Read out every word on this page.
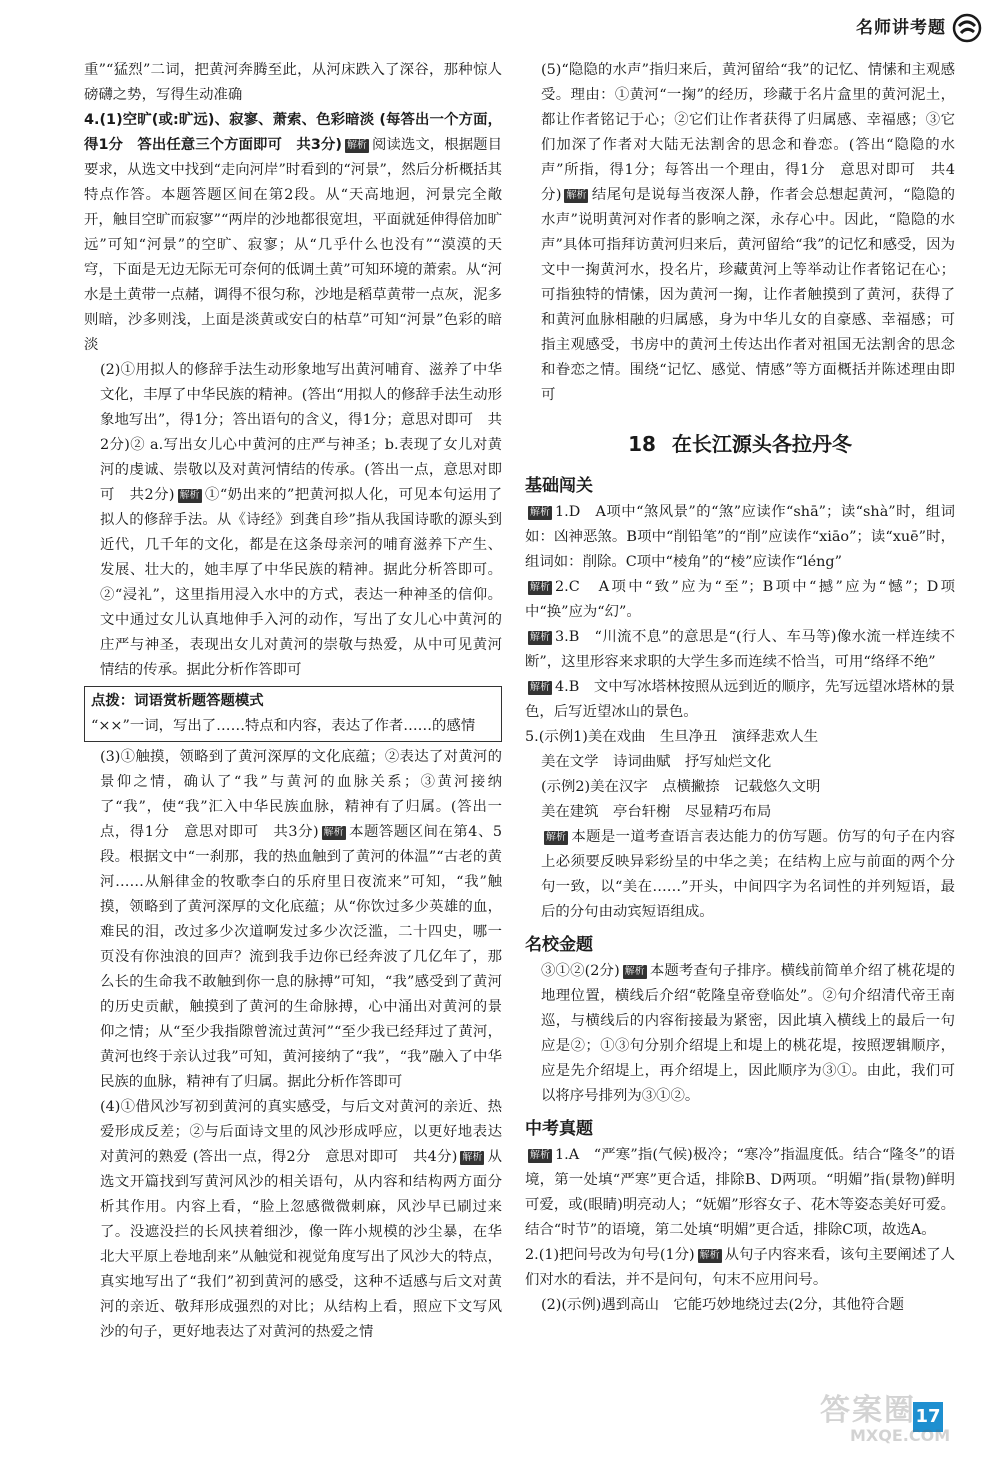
名师讲考题

重”“猛烈”二词，把黄河奔腾至此，从河床跌入了深谷，那种惊人磅礴之势，写得生动准确

4.(1)空旷(或:旷远)、寂寥、萧索、色彩暗淡 (每答出一个方面，得1分　答出任意三个方面即可　共3分) 解析 阅读选文，根据题目要求，从选文中找到“走向河岸”时看到的“河景”，然后分析概括其特点作答。本题答题区间在第2段。从“天高地迥，河景完全敞开，触目空旷而寂寥”“两岸的沙地都很宽坦，平面就延伸得倍加旷远”可知“河景”的空旷、寂寥；从“几乎什么也没有”“漠漠的天穹，下面是无边无际无可奈何的低调土黄”可知环境的萧索。从“河水是土黄带一点赭，调得不很匀称，沙地是稻草黄带一点灰，泥多则暗，沙多则浅，上面是淡黄或安白的枯草”可知“河景”色彩的暗淡

(2)①用拟人的修辞手法生动形象地写出黄河哺育、滋养了中华文化，丰厚了中华民族的精神。(答出“用拟人的修辞手法生动形象地写出”，得1分；答出语句的含义，得1分；意思对即可　共2分)② a.写出女儿心中黄河的庄严与神圣；b.表现了女儿对黄河的虔诚、崇敬以及对黄河情结的传承。(答出一点，意思对即可　共2分) 解析 ①“奶出来的”把黄河拟人化，可见本句运用了拟人的修辞手法。从《诗经》到龚自珍”指从我国诗歌的源头到近代，几千年的文化，都是在这条母亲河的哺育滋养下产生、发展、壮大的，她丰厚了中华民族的精神。据此分析答即可。②“浸礼”，这里指用浸入水中的方式，表达一种神圣的信仰。文中通过女儿认真地伸手入河的动作，写出了女儿心中黄河的庄严与神圣，表现出女儿对黄河的崇敬与热爱，从中可见黄河情结的传承。据此分析作答即可

点拨：词语赏析题答题模式
“××”一词，写出了……特点和内容，表达了作者……的感情

(3)①触摸，领略到了黄河深厚的文化底蕴；②表达了对黄河的景仰之情，确认了“我”与黄河的血脉关系；③黄河接纳了“我”，使“我”汇入中华民族血脉，精神有了归属。(答出一点，得1分　意思对即可　共3分) 解析 本题答题区间在第4、5段。根据文中“一刹那，我的热血触到了黄河的体温”“古老的黄河……从斛律金的牧歌李白的乐府里日夜流来”可知，“我”触摸，领略到了黄河深厚的文化底蕴；从“你饮过多少英雄的血，难民的泪，改过多少次道啊发过多少次泛滥，二十四史，哪一页没有你浊浪的回声？流到我手边你已经奔波了几亿年了，那么长的生命我不敢触到你一息的脉搏”可知，“我”感受到了黄河的历史贡献，触摸到了黄河的生命脉搏，心中涌出对黄河的景仰之情；从“至少我指隙曾流过黄河”“至少我已经拜过了黄河，黄河也终于亲认过我”可知，黄河接纳了“我”，“我”融入了中华民族的血脉，精神有了归属。据此分析作答即可

(4)①借风沙写初到黄河的真实感受，与后文对黄河的亲近、热爱形成反差；②与后面诗文里的风沙形成呼应，以更好地表达对黄河的熟爱 (答出一点，得2分　意思对即可　共4分) 解析 从选文开篇找到写黄河风沙的相关语句，从内容和结构两方面分析其作用。内容上看，“脸上忽感微微刺麻，风沙早已刷过来了。没遮没拦的长风挟着细沙，像一阵小规模的沙尘暴，在华北大平原上卷地刮来”从触觉和视觉角度写出了风沙大的特点，真实地写出了“我们”初到黄河的感受，这种不适感与后文对黄河的亲近、敬拜形成强烈的对比；从结构上看，照应下文写风沙的句子，更好地表达了对黄河的热爱之情

(5)“隐隐的水声”指归来后，黄河留给“我”的记忆、情愫和主观感受。理由：①黄河“一掬”的经历，珍藏于名片盒里的黄河泥土，都让作者铭记于心；②它们让作者获得了归属感、幸福感；③它们加深了作者对大陆无法割舍的思念和眷恋。(答出“隐隐的水声”所指，得1分；每答出一个理由，得1分　意思对即可　共4分) 解析 结尾句是说每当夜深人静，作者会总想起黄河，“隐隐的水声”说明黄河对作者的影响之深，永存心中。因此，“隐隐的水声”具体可指拜访黄河归来后，黄河留给“我”的记忆和感受，因为文中一掬黄河水，投名片，珍藏黄河上等举动让作者铭记在心；可指独特的情愫，因为黄河一掬，让作者触摸到了黄河，获得了和黄河血脉相融的归属感，身为中华儿女的自豪感、幸福感；可指主观感受，书房中的黄河土传达出作者对祖国无法割舍的思念和眷恋之情。围绕“记忆、感觉、情感”等方面概括并陈述理由即可

18 在长江源头各拉丹冬
基础闯关

解析 1.D　A项中“煞风景”的“煞”应读作“shā”；读“shà”时，组词如：凶神恶煞。B项中“削铅笔”的“削”应读作“xiāo”；读“xuē”时，组词如：削除。C项中“棱角”的“棱”应读作“léng”

解析 2.C　A项中“致”应为“至”；B项中“撼”应为“憾”；D项中“换”应为“幻”。

解析 3.B　“川流不息”的意思是“(行人、车马等)像水流一样连续不断”，这里形容来求职的大学生多而连续不恰当，可用“络绎不绝”

解析 4.B　文中写冰塔林按照从远到近的顺序，先写远望冰塔林的景色，后写近望冰山的景色。

5.(示例1)美在戏曲　生旦净丑　演绎悲欢人生

美在文学　诗词曲赋　抒写灿烂文化

(示例2)美在汉字　点横撇捺　记载悠久文明

美在建筑　亭台轩榭　尽显精巧布局

解析 本题是一道考查语言表达能力的仿写题。仿写的句子在内容上必须要反映异彩纷呈的中华之美；在结构上应与前面的两个分句一致，以“美在……”开头，中间四字为名词性的并列短语，最后的分句由动宾短语组成。

名校金题

③①②(2分) 解析 本题考查句子排序。横线前简单介绍了桃花堤的地理位置，横线后介绍“乾隆皇帝登临处”。②句介绍清代帝王南巡，与横线后的内容衔接最为紧密，因此填入横线上的最后一句应是②；①③句分别介绍堤上和堤上的桃花堤，按照逻辑顺序，应是先介绍堤上，再介绍堤上，因此顺序为③①。由此，我们可以将序号排列为③①②。

中考真题

解析 1.A　“严寒”指(气候)极冷；“寒冷”指温度低。结合“隆冬”的语境，第一处填“严寒”更合适，排除B、D两项。“明媚”指(景物)鲜明可爱，或(眼睛)明亮动人；“妩媚”形容女子、花木等姿态美好可爱。结合“时节”的语境，第二处填“明媚”更合适，排除C项，故选A。

2.(1)把问号改为句号(1分) 解析 从句子内容来看，该句主要阐述了人们对水的看法，并不是问句，句末不应用问号。

(2)(示例)遇到高山　它能巧妙地绕过去(2分，其他符合题

17
答案圈
MXQE.COM
